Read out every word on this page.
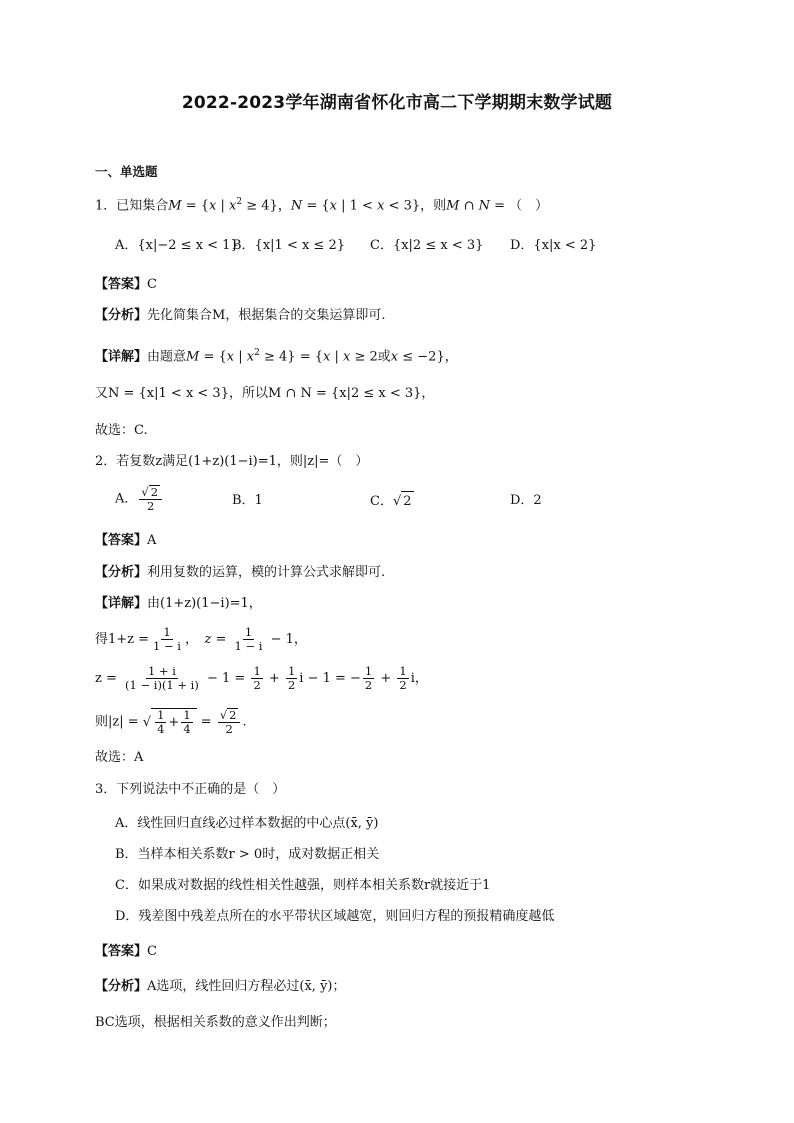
2022-2023学年湖南省怀化市高二下学期期末数学试题
一、单选题
1．已知集合M = {x | $x^2 \ge 4$}，N = {x | 1 < x < 3}，则M ∩ N = （　）
A．{x|−2 ≤ x < 1}
B．{x|1 < x ≤ 2} C．{x|2 ≤ x < 3} D．{x|x < 2}
【答案】C
【分析】先化简集合M，根据集合的交集运算即可.
【详解】由题意M = {x | $x^2 \ge 4\} = \{x$ | x ≥ 2或x ≤ −2}，
又N = {x|1 < x < 3}，所以M ∩ N = {x|2 ≤ x < 3}，
故选：C.
2．若复数z满足(1+z)(1−i)=1，则|z|=（　）
A． $\frac{√ 2}{2}$	B．1	C．√ 2	D．2
【答案】A
【分析】利用复数的运算，模的计算公式求解即可.
【详解】由(1+z)(1−i)=1，
得$1+z = \frac{1}{1 - i}$ ，　$z = \frac{1}{1 - i} - 1$，
$z = \frac{1 + i}{(1 - i)(1 + i)} - 1 = \frac{1}{2} + \frac{1}{2}$ i − 1 = − $\frac{1}{2} + \frac{1}{2}$ i，
则|z| = √ $\frac{1}{4} + \frac{1}{4} = \frac{√ 2}{2}$ .
故选：A
3．下列说法中不正确的是（　）
A．线性回归直线必过样本数据的中心点(x̄, ȳ)
B．当样本相关系数r > 0时，成对数据正相关
C．如果成对数据的线性相关性越强，则样本相关系数r就接近于1
D．残差图中残差点所在的水平带状区域越宽，则回归方程的预报精确度越低
【答案】C
【分析】A选项，线性回归方程必过(x̄, ȳ)；
BC选项，根据相关系数的意义作出判断；
